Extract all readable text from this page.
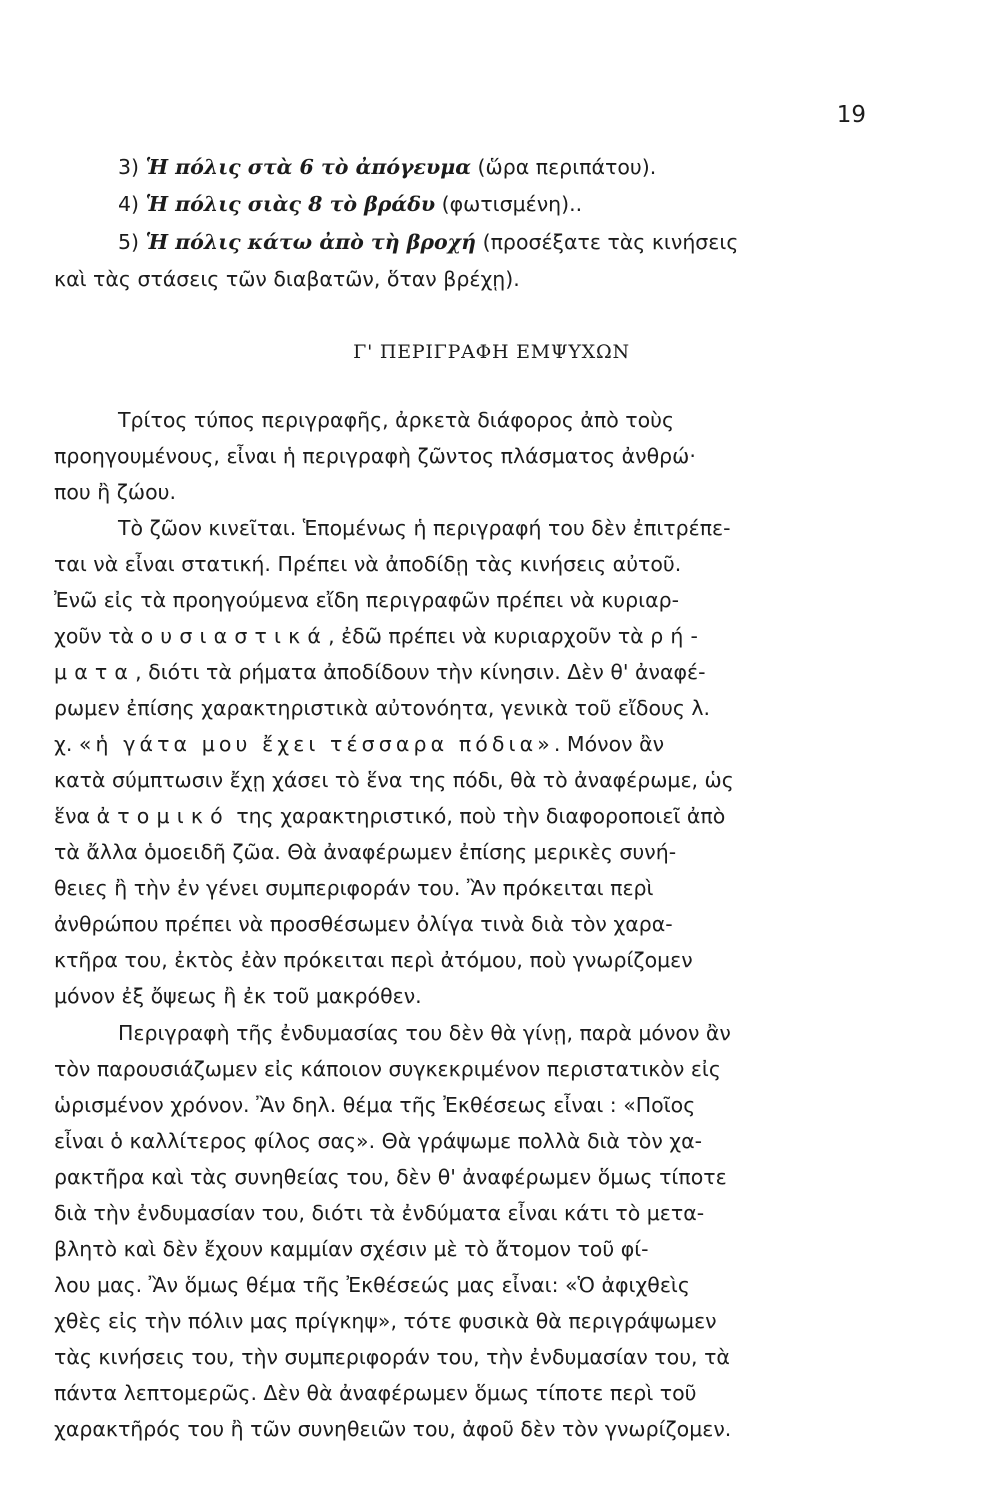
19
3) Ἡ πόλις στὰ 6 τὸ ἀπόγευμα (ὥρα περιπάτου).
4) Ἡ πόλις σιὰς 8 τὸ βράδυ (φωτισμένη)..
5) Ἡ πόλις κάτω ἀπὸ τὴ βροχή (προσέξατε τὰς κινήσεις
καὶ τὰς στάσεις τῶν διαβατῶν, ὅταν βρέχῃ).
Γ' ΠΕΡΙΓΡΑΦΗ ΕΜΨΥΧΩΝ
Τρίτος τύπος περιγραφῆς, ἀρκετὰ διάφορος ἀπὸ τοὺς
προηγουμένους, εἶναι ἡ περιγραφὴ ζῶντος πλάσματος ἀνθρώ·
που ἢ ζώου.
Τὸ ζῶον κινεῖται. Ἑπομένως ἡ περιγραφή του δὲν ἐπιτρέπε-
ται νὰ εἶναι στατική. Πρέπει νὰ ἀποδίδῃ τὰς κινήσεις αὐτοῦ.
Ἐνῶ εἰς τὰ προηγούμενα εἴδη περιγραφῶν πρέπει νὰ κυριαρ-
χοῦν τὰ ουσιαστικά, ἐδῶ πρέπει νὰ κυριαρχοῦν τὰ ρή-
ματα, διότι τὰ ρήματα ἀποδίδουν τὴν κίνησιν. Δὲν θ' ἀναφέ-
ρωμεν ἐπίσης χαρακτηριστικὰ αὐτονόητα, γενικὰ τοῦ εἴδους λ.
χ. «ἡ γάτα μου ἔχει τέσσαρα πόδια». Μόνον ἂν
κατὰ σύμπτωσιν ἔχῃ χάσει τὸ ἕνα της πόδι, θὰ τὸ ἀναφέρωμε, ὡς
ἕνα ἀτομικό της χαρακτηριστικό, ποὺ τὴν διαφοροποιεῖ ἀπὸ
τὰ ἄλλα ὁμοειδῆ ζῶα. Θὰ ἀναφέρωμεν ἐπίσης μερικὲς συνή-
θειες ἢ τὴν ἐν γένει συμπεριφοράν του. Ἂν πρόκειται περὶ
ἀνθρώπου πρέπει νὰ προσθέσωμεν ὀλίγα τινὰ διὰ τὸν χαρα-
κτῆρα του, ἐκτὸς ἐὰν πρόκειται περὶ ἀτόμου, ποὺ γνωρίζομεν
μόνον ἐξ ὄψεως ἢ ἐκ τοῦ μακρόθεν.
Περιγραφὴ τῆς ἐνδυμασίας του δὲν θὰ γίνῃ, παρὰ μόνον ἂν
τὸν παρουσιάζωμεν εἰς κάποιον συγκεκριμένον περιστατικὸν εἰς
ὡρισμένον χρόνον. Ἂν δηλ. θέμα τῆς Ἐκθέσεως εἶναι : «Ποῖος
εἶναι ὁ καλλίτερος φίλος σας». Θὰ γράψωμε πολλὰ διὰ τὸν χα-
ρακτῆρα καὶ τὰς συνηθείας του, δὲν θ' ἀναφέρωμεν ὅμως τίποτε
διὰ τὴν ἐνδυμασίαν του, διότι τὰ ἐνδύματα εἶναι κάτι τὸ μετα-
βλητὸ καὶ δὲν ἔχουν καμμίαν σχέσιν μὲ τὸ ἄτομον τοῦ φί-
λου μας. Ἂν ὅμως θέμα τῆς Ἐκθέσεώς μας εἶναι: «Ὁ ἀφιχθεὶς
χθὲς εἰς τὴν πόλιν μας πρίγκηψ», τότε φυσικὰ θὰ περιγράψωμεν
τὰς κινήσεις του, τὴν συμπεριφοράν του, τὴν ἐνδυμασίαν του, τὰ
πάντα λεπτομερῶς. Δὲν θὰ ἀναφέρωμεν ὅμως τίποτε περὶ τοῦ
χαρακτῆρός του ἢ τῶν συνηθειῶν του, ἀφοῦ δὲν τὸν γνωρίζομεν.
